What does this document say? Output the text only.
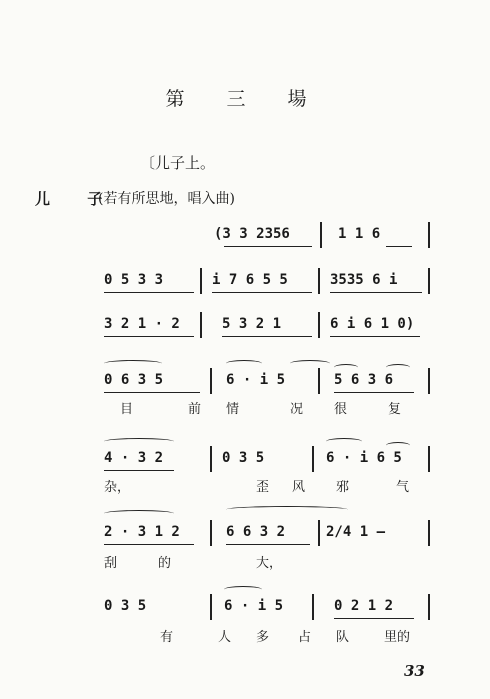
第 三 場
〔儿子上。
儿 子
(若有所思地，唱入曲)
(3 3 2356	1 1 6
0 5 3 3	i 7 6 5 5	3535 6 i
3 2 1 · 2	5 3 2 1	6 i 6 1 0)
0 6 3 5	6 · i 5	5 6 3 6
目	前 情	况 很	复
4 · 3 2	0 3 5	6 · i 6 5
杂，	歪 风 邪	气
2 · 3 1 2	6 6 3 2	2/4 1 —
刮	的	大，
0 3 5	6 · i 5	0 2 1 2
有	人 多 占 队	里的
33
